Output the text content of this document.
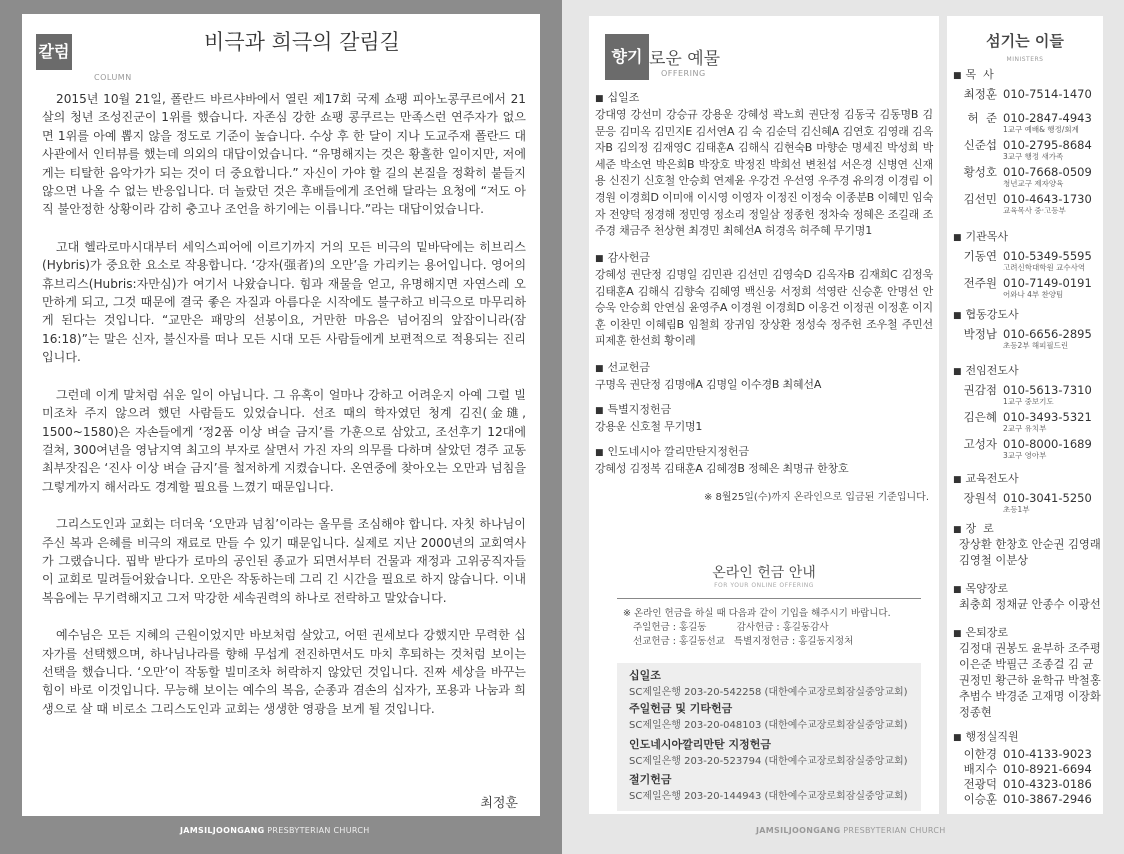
칼럼
COLUMN
비극과 희극의 갈림길

2015년 10월 21일, 폴란드 바르샤바에서 열린 제17회 국제 쇼팽 피아노콩쿠르에서 21살의 청년 조성진군이 1위를 했습니다. 자존심 강한 쇼팽 콩쿠르는 만족스런 연주자가 없으면 1위를 아예 뽑지 않을 정도로 기준이 높습니다. 수상 후 한 달이 지나 도교주재 폴란드 대사관에서 인터뷰를 했는데 의외의 대답이었습니다. “유명해지는 것은 황홀한 일이지만, 저에게는 티탈한 음악가가 되는 것이 더 중요합니다.” 자신이 가야 할 길의 본질을 정확히 붙들지 않으면 나올 수 없는 반응입니다. 더 놀랐던 것은 후배들에게 조언해 달라는 요청에 “저도 아직 불안정한 상황이라 감히 충고나 조언을 하기에는 이릅니다.”라는 대답이었습니다.

고대 헬라로마시대부터 세익스피어에 이르기까지 거의 모든 비극의 밑바닥에는 히브리스(Hybris)가 중요한 요소로 작용합니다. ‘강자(强者)의 오만’을 가리키는 용어입니다. 영어의 휴브리스(Hubris:자만심)가 여기서 나왔습니다. 힘과 재물을 얻고, 유명해지면 자연스레 오만하게 되고, 그것 때문에 결국 좋은 자질과 아름다운 시작에도 불구하고 비극으로 마무리하게 된다는 것입니다. “교만은 패망의 선봉이요, 거만한 마음은 넘어짐의 앞잡이니라(잠 16:18)”는 말은 신자, 불신자를 떠나 모든 시대 모든 사람들에게 보편적으로 적용되는 진리입니다.

그런데 이게 말처럼 쉬운 일이 아닙니다. 그 유혹이 얼마나 강하고 어려운지 아예 그럴 빌미조차 주지 않으려 했던 사람들도 있었습니다. 선조 때의 학자였던 청계 김진(金璡, 1500~1580)은 자손들에게 ‘정2품 이상 벼슬 금지’를 가훈으로 삼았고, 조선후기 12대에 걸쳐, 300여년을 영남지역 최고의 부자로 살면서 가진 자의 의무를 다하며 살았던 경주 교동 최부잣집은 ‘진사 이상 벼슬 금지’를 철저하게 지켰습니다. 온연중에 찾아오는 오만과 넘침을 그렇게까지 해서라도 경계할 필요를 느꼈기 때문입니다.

그리스도인과 교회는 더더욱 ‘오만과 넘침’이라는 올무를 조심해야 합니다. 자칫 하나님이 주신 복과 은혜를 비극의 재료로 만들 수 있기 때문입니다. 실제로 지난 2000년의 교회역사가 그랬습니다. 핍박 받다가 로마의 공인된 종교가 되면서부터 건물과 재정과 고위공직자들이 교회로 밀려들어왔습니다. 오만은 작동하는데 그리 긴 시간을 필요로 하지 않습니다. 이내 복음에는 무기력해지고 그저 막강한 세속권력의 하나로 전락하고 말았습니다.

예수님은 모든 지혜의 근원이었지만 바보처럼 살았고, 어떤 권세보다 강했지만 무력한 십자가를 선택했으며, 하나님나라를 향해 무섭게 전진하면서도 마치 후퇴하는 것처럼 보이는 선택을 했습니다. ‘오만’이 작동할 빌미조차 허락하지 않았던 것입니다. 진짜 세상을 바꾸는 힘이 바로 이것입니다. 무능해 보이는 예수의 복음, 순종과 겸손의 십자가, 포용과 나눔과 희생으로 살 때 비로소 그리스도인과 교회는 생생한 영광을 보게 될 것입니다.

최정훈
JAMSILJOONGANG PRESBYTERIAN CHURCH
향기 로운 예물
OFFERING
■ 십일조
강대영 강선미 강승규 강용운 강혜성 곽노희 권단정 김동국 김동명B 김문응 김미옥 김민지E 김서연A 김 숙 김순덕 김신혜A 김연호 김영래 김옥자B 김의정 김재영C 김태훈A 김해식 김현숙B 마향순 명세진 박성희 박세준 박소연 박은희B 박장호 박정진 박희선 변천섭 서은경 신병연 신재용 신진기 신호철 안승희 연제윤 우강건 우선영 우주경 유의경 이경림 이경원 이경희D 이미애 이시영 이영자 이정진 이정숙 이종분B 이혜민 임숙자 전양덕 정경해 정민영 정소리 정일삼 정종헌 정차숙 정혜은 조길래 조주경 채금주 천상현 최경민 최혜선A 허경옥 허주혜 무기명1
■ 감사헌금
강혜성 권단정 김명일 김민관 김선민 김영숙D 김옥자B 김재희C 김정욱 김태훈A 김해식 김향숙 김혜영 백신웅 서정희 석영란 신승훈 안명선 안승욱 안승희 안연심 윤영주A 이경원 이경희D 이옹건 이정권 이정훈 이지훈 이찬민 이혜림B 임철희 장귀임 장상환 정성숙 정주헌 조우철 주민선 피제훈 한선희 황이레
■ 선교헌금
구명옥 권단정 김명애A 김명일 이수경B 최혜선A
■ 특별지정헌금
강용운 신호철 무기명1
■ 인도네시아 깔리만탄지정헌금
강혜성 김정복 김태훈A 김혜경B 정혜은 최명규 한창호
※ 8월25일(수)까지 온라인으로 입금된 기준입니다.
온라인 헌금 안내
FOR YOUR ONLINE OFFERING
※ 온라인 헌금을 하실 때 다음과 같이 기입을 해주시기 바랍니다.
주일헌금 : 홍길동          감사헌금 : 홍길동감사
선교헌금 : 홍길동선교   특별지정헌금 : 홍길동지정처
십일조
SC제일은행 203-20-542258 (대한예수교장로회잠실중앙교회)
주일헌금 및 기타헌금
SC제일은행 203-20-048103 (대한예수교장로회잠실중앙교회)
인도네시아깔리만탄 지정헌금
SC제일은행 203-20-523794 (대한예수교장로회잠실중앙교회)
절기헌금
SC제일은행 203-20-144943 (대한예수교장로회잠실중앙교회)
섬기는 이들
MINISTERS
■ 목  사
최정훈 010-7514-1470
허  준 010-2847-4943
1교구 예배& 행정/회계
신준섭 010-2795-8684
3교구 행정 새가족
황성호 010-7668-0509
청년교구 제자양육
김선민 010-4643-1730
교육목사 중·고등부
■ 기관목사
기동연 010-5349-5595
고려신학대학원 교수사역
전주원 010-7149-0191
어와나 4부 찬양팀
■ 협동강도사
박정남 010-6656-2895
초등2부 해피필드린
■ 전임전도사
권감점 010-5613-7310
1교구 중보기도
김은혜 010-3493-5321
2교구 유치부
고성자 010-8000-1689
3교구 영아부
■ 교육전도사
장원석 010-3041-5250
초등1부
■ 장  로
장상환 한창호 안순권 김영래 김영철 이분상
■ 목양장로
최충희 정채균 안종수 이광선
■ 은퇴장로
김정대 권봉도 윤부하 조주평 이은준 박필근 조종걸 김 균 권정민 황근하 윤학규 박철홍 추범수 박경준 고재명 이장화 정종현
■ 행정실직원
이한경 010-4133-9023
배지수 010-8921-6694
전광덕 010-4323-0186
이승훈 010-3867-2946
JAMSILJOONGANG PRESBYTERIAN CHURCH
